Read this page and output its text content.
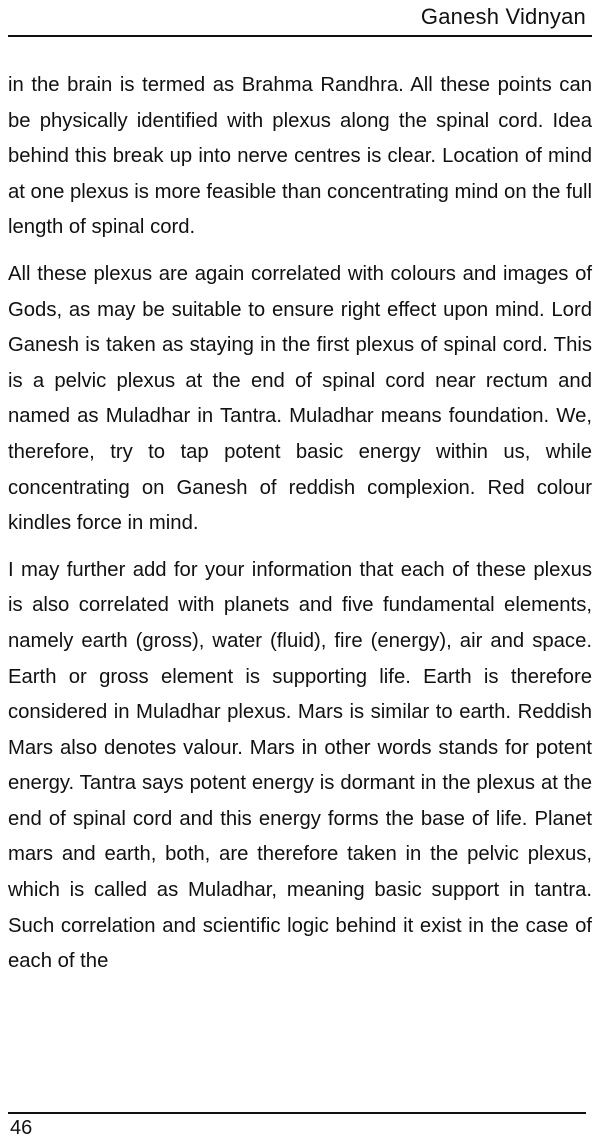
Ganesh Vidnyan

in the brain is termed as Brahma Randhra. All these points can be physically identified with plexus along the spinal cord. Idea behind this break up into nerve centres is clear. Location of mind at one plexus is more feasible than concentrating mind on the full length of spinal cord.

All these plexus are again correlated with colours and images of Gods, as may be suitable to ensure right effect upon mind. Lord Ganesh is taken as staying in the first plexus of spinal cord. This is a pelvic plexus at the end of spinal cord near rectum and named as Muladhar in Tantra. Muladhar means foundation. We, therefore, try to tap potent basic energy within us, while concentrating on Ganesh of reddish complexion. Red colour kindles force in mind.

I may further add for your information that each of these plexus is also correlated with planets and five fundamental elements, namely earth (gross), water (fluid), fire (energy), air and space. Earth or gross element is supporting life. Earth is therefore considered in Muladhar plexus. Mars is similar to earth. Reddish Mars also denotes valour. Mars in other words stands for potent energy. Tantra says potent energy is dormant in the plexus at the end of spinal cord and this energy forms the base of life. Planet mars and earth, both, are therefore taken in the pelvic plexus, which is called as Muladhar, meaning basic support in tantra. Such correlation and scientific logic behind it exist in the case of each of the

46
